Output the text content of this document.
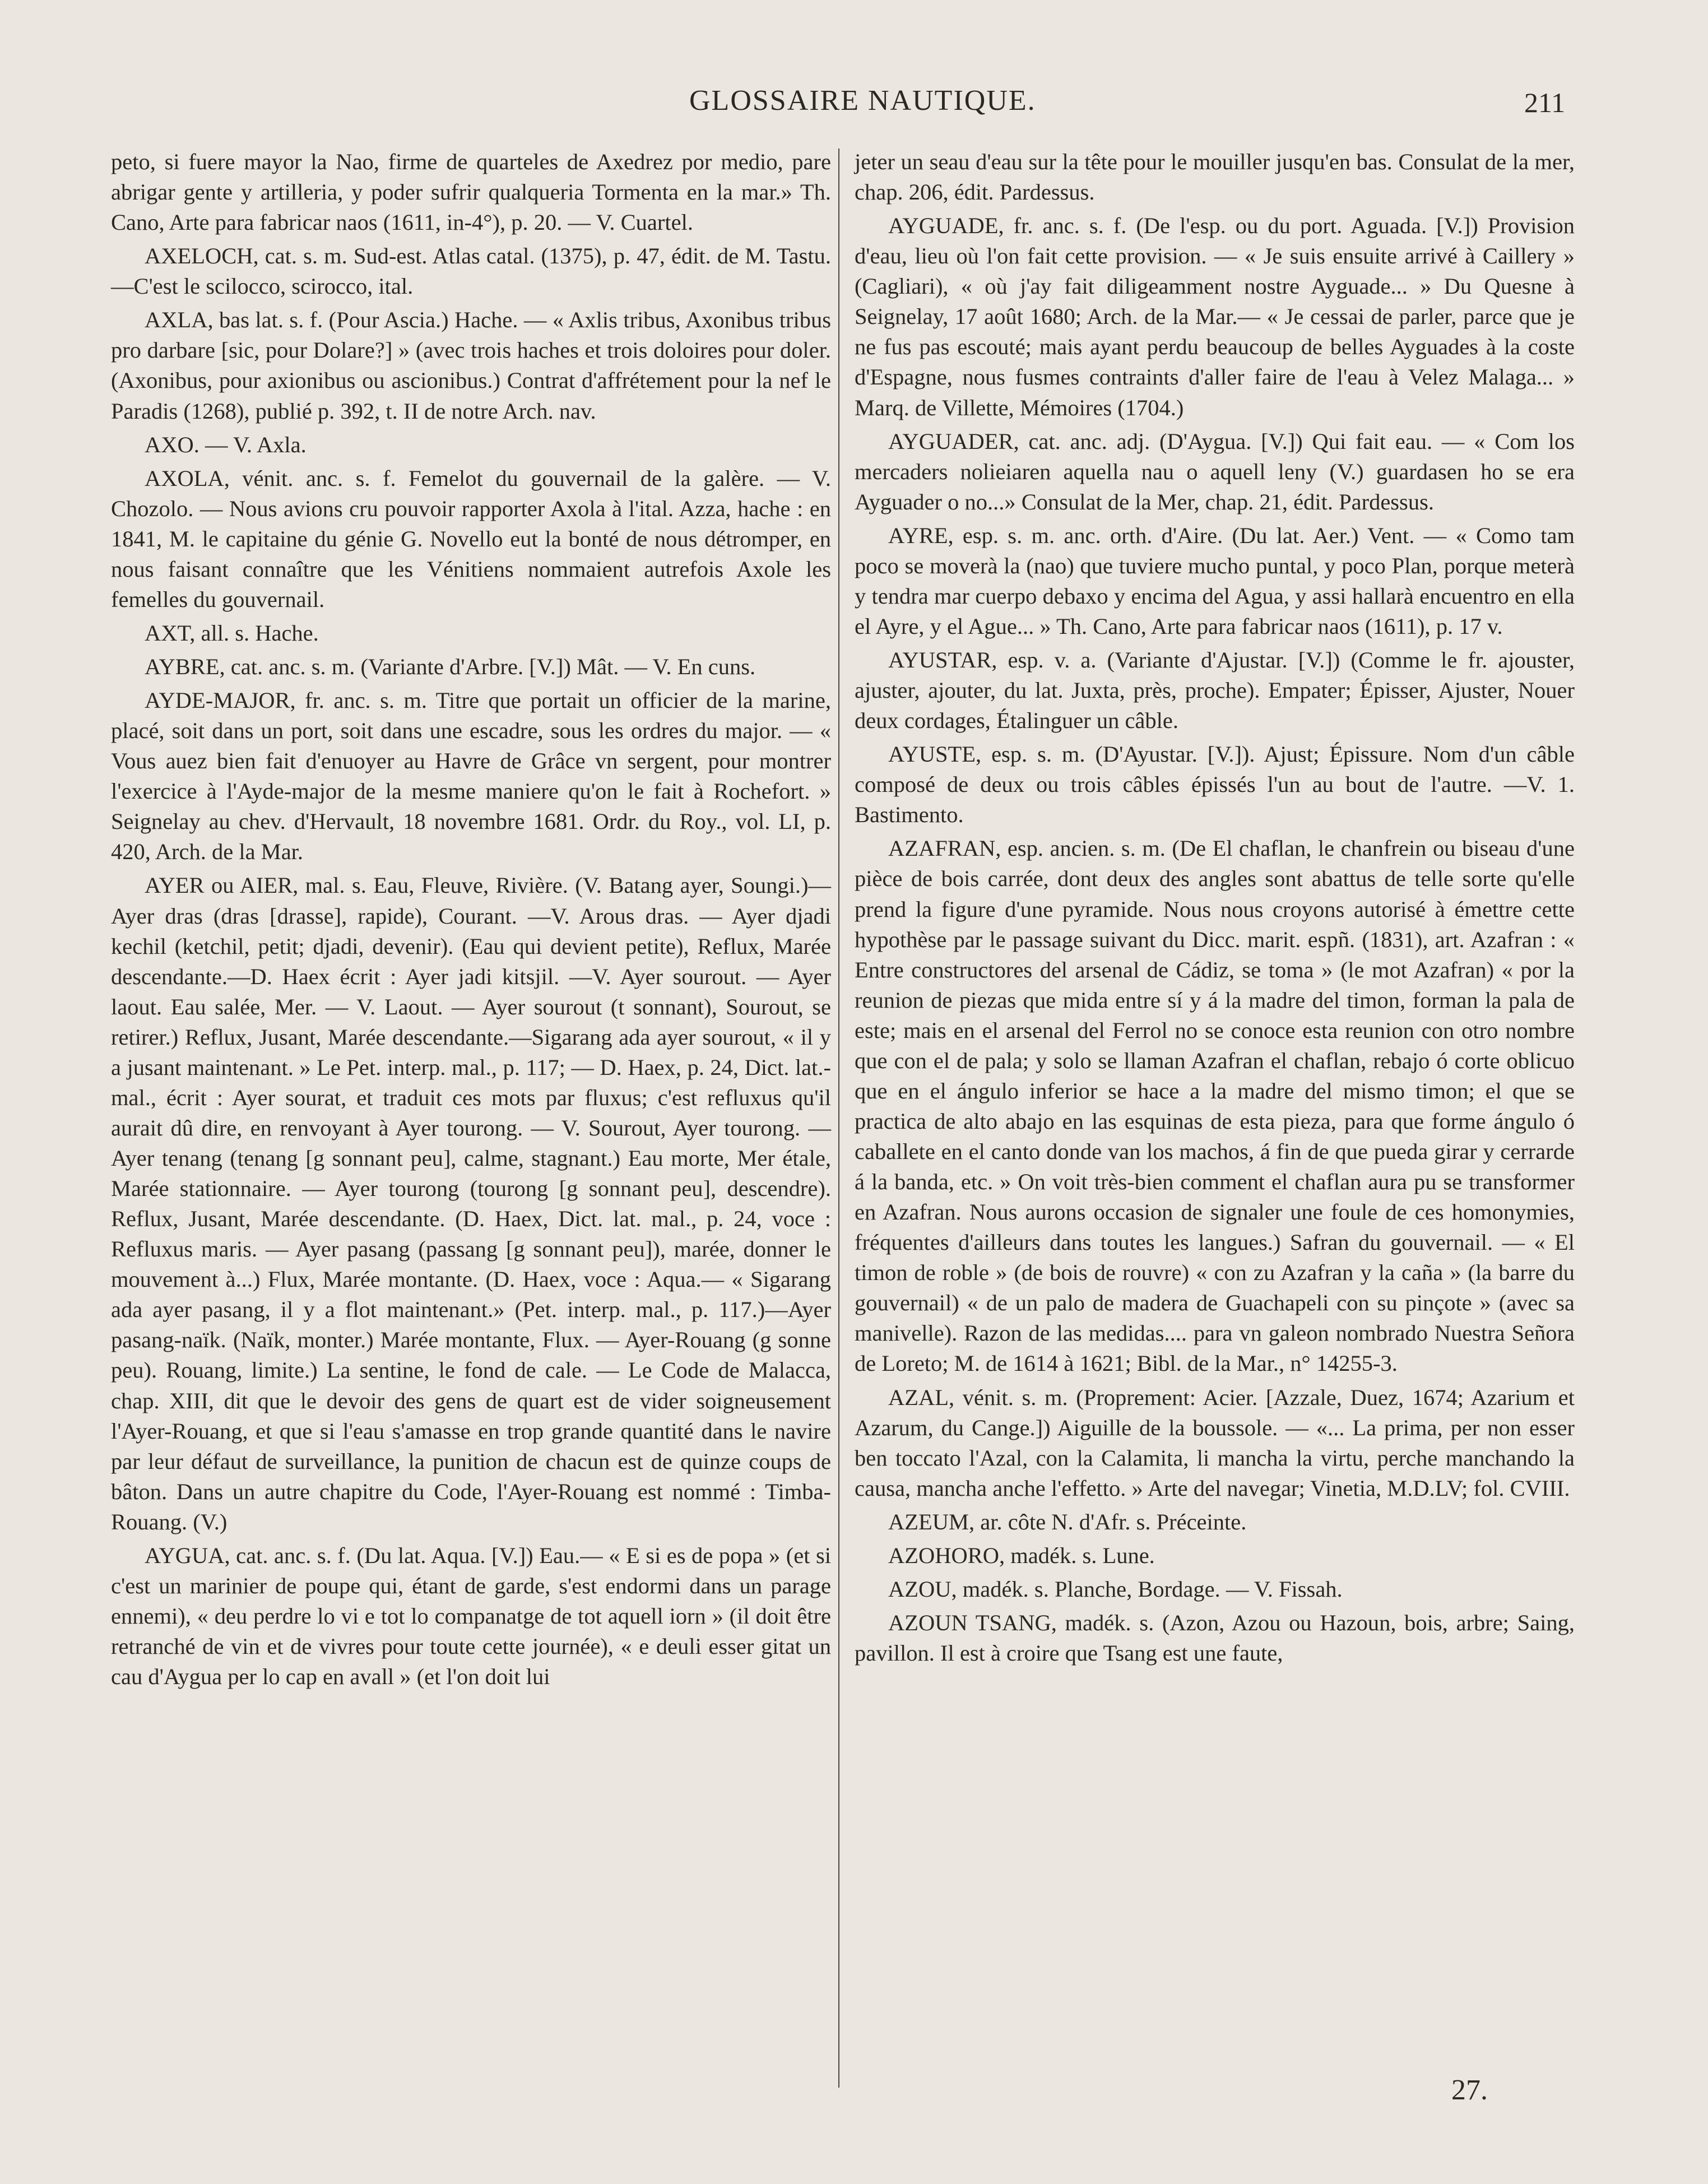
GLOSSAIRE NAUTIQUE.	211

peto, si fuere mayor la Nao, firme de quarteles de Axedrez por medio, pare abrigar gente y artilleria, y poder sufrir qualqueria Tormenta en la mar.» Th. Cano, Arte para fabricar naos (1611, in-4°), p. 20. — V. Cuartel.

AXELOCH, cat. s. m. Sud-est. Atlas catal. (1375), p. 47, édit. de M. Tastu.—C'est le scilocco, scirocco, ital.

AXLA, bas lat. s. f. (Pour Ascia.) Hache. — « Axlis tribus, Axonibus tribus pro darbare [sic, pour Dolare?] » (avec trois haches et trois doloires pour doler. (Axonibus, pour axionibus ou ascionibus.) Contrat d'affrétement pour la nef le Paradis (1268), publié p. 392, t. II de notre Arch. nav.

AXO. — V. Axla.

AXOLA, vénit. anc. s. f. Femelot du gouvernail de la galère. — V. Chozolo. — Nous avions cru pouvoir rapporter Axola à l'ital. Azza, hache : en 1841, M. le capitaine du génie G. Novello eut la bonté de nous détromper, en nous faisant connaître que les Vénitiens nommaient autrefois Axole les femelles du gouvernail.

AXT, all. s. Hache.

AYBRE, cat. anc. s. m. (Variante d'Arbre. [V.]) Mât. — V. En cuns.

AYDE-MAJOR, fr. anc. s. m. Titre que portait un officier de la marine, placé, soit dans un port, soit dans une escadre, sous les ordres du major. — « Vous auez bien fait d'enuoyer au Havre de Grâce vn sergent, pour montrer l'exercice à l'Ayde-major de la mesme maniere qu'on le fait à Rochefort. » Seignelay au chev. d'Hervault, 18 novembre 1681. Ordr. du Roy., vol. LI, p. 420, Arch. de la Mar.

AYER ou AIER, mal. s. Eau, Fleuve, Rivière. (V. Batang ayer, Soungi.)—Ayer dras (dras [drasse], rapide), Courant. —V. Arous dras. — Ayer djadi kechil (ketchil, petit; djadi, devenir). (Eau qui devient petite), Reflux, Marée descendante.—D. Haex écrit : Ayer jadi kitsjil. —V. Ayer sourout. — Ayer laout. Eau salée, Mer. — V. Laout. — Ayer sourout (t sonnant), Sourout, se retirer.) Reflux, Jusant, Marée descendante.—Sigarang ada ayer sourout, « il y a jusant maintenant. » Le Pet. interp. mal., p. 117; — D. Haex, p. 24, Dict. lat.-mal., écrit : Ayer sourat, et traduit ces mots par fluxus; c'est refluxus qu'il aurait dû dire, en renvoyant à Ayer tourong. — V. Sourout, Ayer tourong. — Ayer tenang (tenang [g sonnant peu], calme, stagnant.) Eau morte, Mer étale, Marée stationnaire. — Ayer tourong (tourong [g sonnant peu], descendre). Reflux, Jusant, Marée descendante. (D. Haex, Dict. lat. mal., p. 24, voce : Refluxus maris. — Ayer pasang (passang [g sonnant peu]), marée, donner le mouvement à...) Flux, Marée montante. (D. Haex, voce : Aqua.— « Sigarang ada ayer pasang, il y a flot maintenant.» (Pet. interp. mal., p. 117.)—Ayer pasang-naïk. (Naïk, monter.) Marée montante, Flux. — Ayer-Rouang (g sonne peu). Rouang, limite.) La sentine, le fond de cale. — Le Code de Malacca, chap. XIII, dit que le devoir des gens de quart est de vider soigneusement l'Ayer-Rouang, et que si l'eau s'amasse en trop grande quantité dans le navire par leur défaut de surveillance, la punition de chacun est de quinze coups de bâton. Dans un autre chapitre du Code, l'Ayer-Rouang est nommé : Timba-Rouang. (V.)

AYGUA, cat. anc. s. f. (Du lat. Aqua. [V.]) Eau.— « E si es de popa » (et si c'est un marinier de poupe qui, étant de garde, s'est endormi dans un parage ennemi), « deu perdre lo vi e tot lo companatge de tot aquell iorn » (il doit être retranché de vin et de vivres pour toute cette journée), « e deuli esser gitat un cau d'Aygua per lo cap en avall » (et l'on doit lui

jeter un seau d'eau sur la tête pour le mouiller jusqu'en bas. Consulat de la mer, chap. 206, édit. Pardessus.

AYGUADE, fr. anc. s. f. (De l'esp. ou du port. Aguada. [V.]) Provision d'eau, lieu où l'on fait cette provision. — « Je suis ensuite arrivé à Caillery » (Cagliari), « où j'ay fait diligeamment nostre Ayguade... » Du Quesne à Seignelay, 17 août 1680; Arch. de la Mar.— « Je cessai de parler, parce que je ne fus pas escouté; mais ayant perdu beaucoup de belles Ayguades à la coste d'Espagne, nous fusmes contraints d'aller faire de l'eau à Velez Malaga... » Marq. de Villette, Mémoires (1704.)

AYGUADER, cat. anc. adj. (D'Aygua. [V.]) Qui fait eau. — « Com los mercaders nolieiaren aquella nau o aquell leny (V.) guardasen ho se era Ayguader o no...» Consulat de la Mer, chap. 21, édit. Pardessus.

AYRE, esp. s. m. anc. orth. d'Aire. (Du lat. Aer.) Vent. — « Como tam poco se moverà la (nao) que tuviere mucho puntal, y poco Plan, porque meterà y tendra mar cuerpo debaxo y encima del Agua, y assi hallarà encuentro en ella el Ayre, y el Ague... » Th. Cano, Arte para fabricar naos (1611), p. 17 v.

AYUSTAR, esp. v. a. (Variante d'Ajustar. [V.]) (Comme le fr. ajouster, ajuster, ajouter, du lat. Juxta, près, proche). Empater; Épisser, Ajuster, Nouer deux cordages, Étalinguer un câble.

AYUSTE, esp. s. m. (D'Ayustar. [V.]). Ajust; Épissure. Nom d'un câble composé de deux ou trois câbles épissés l'un au bout de l'autre. —V. 1. Bastimento.

AZAFRAN, esp. ancien. s. m. (De El chaflan, le chanfrein ou biseau d'une pièce de bois carrée, dont deux des angles sont abattus de telle sorte qu'elle prend la figure d'une pyramide. Nous nous croyons autorisé à émettre cette hypothèse par le passage suivant du Dicc. marit. espñ. (1831), art. Azafran : « Entre constructores del arsenal de Cádiz, se toma » (le mot Azafran) « por la reunion de piezas que mida entre sí y á la madre del timon, forman la pala de este; mais en el arsenal del Ferrol no se conoce esta reunion con otro nombre que con el de pala; y solo se llaman Azafran el chaflan, rebajo ó corte oblicuo que en el ángulo inferior se hace a la madre del mismo timon; el que se practica de alto abajo en las esquinas de esta pieza, para que forme ángulo ó caballete en el canto donde van los machos, á fin de que pueda girar y cerrarde á la banda, etc. » On voit très-bien comment el chaflan aura pu se transformer en Azafran. Nous aurons occasion de signaler une foule de ces homonymies, fréquentes d'ailleurs dans toutes les langues.) Safran du gouvernail. — « El timon de roble » (de bois de rouvre) « con zu Azafran y la caña » (la barre du gouvernail) « de un palo de madera de Guachapeli con su pinçote » (avec sa manivelle). Razon de las medidas.... para vn galeon nombrado Nuestra Señora de Loreto; M. de 1614 à 1621; Bibl. de la Mar., n° 14255-3.

AZAL, vénit. s. m. (Proprement: Acier. [Azzale, Duez, 1674; Azarium et Azarum, du Cange.]) Aiguille de la boussole. — «... La prima, per non esser ben toccato l'Azal, con la Calamita, li mancha la virtu, perche manchando la causa, mancha anche l'effetto. » Arte del navegar; Vinetia, M.D.LV; fol. CVIII.

AZEUM, ar. côte N. d'Afr. s. Préceinte.

AZOHORO, madék. s. Lune.

AZOU, madék. s. Planche, Bordage. — V. Fissah.

AZOUN TSANG, madék. s. (Azon, Azou ou Hazoun, bois, arbre; Saing, pavillon. Il est à croire que Tsang est une faute,

27.
